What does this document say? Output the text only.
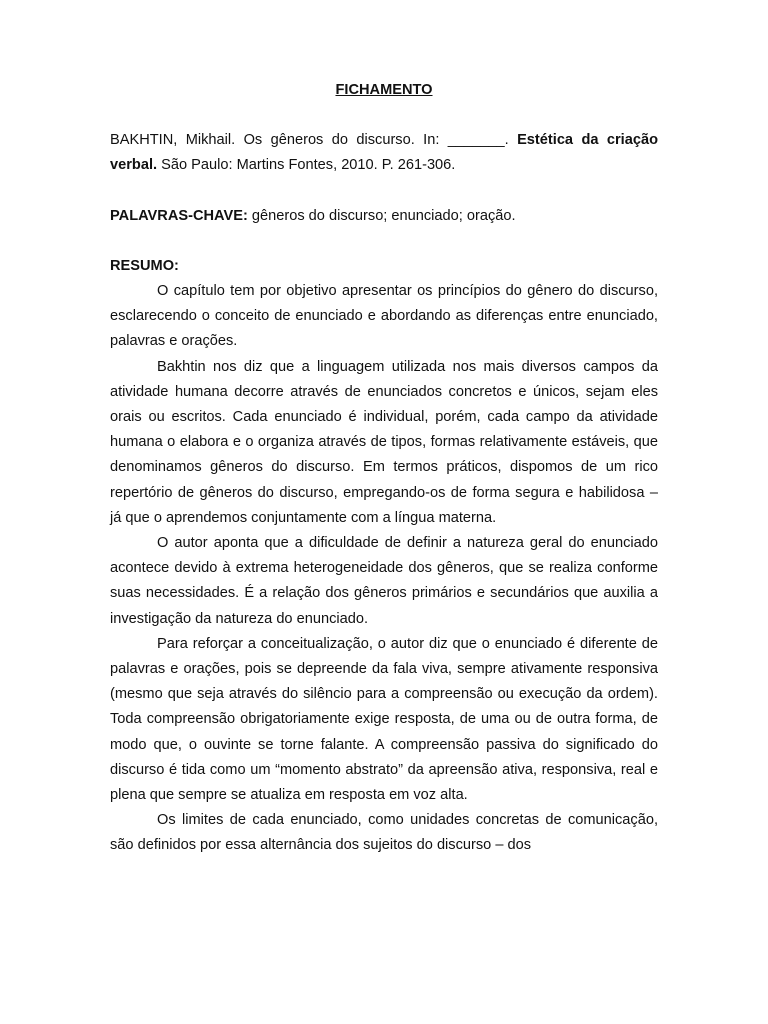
FICHAMENTO

BAKHTIN, Mikhail. Os gêneros do discurso. In: _______. Estética da criação verbal. São Paulo: Martins Fontes, 2010. P. 261-306.

PALAVRAS-CHAVE: gêneros do discurso; enunciado; oração.

RESUMO:

O capítulo tem por objetivo apresentar os princípios do gênero do discurso, esclarecendo o conceito de enunciado e abordando as diferenças entre enunciado, palavras e orações.

Bakhtin nos diz que a linguagem utilizada nos mais diversos campos da atividade humana decorre através de enunciados concretos e únicos, sejam eles orais ou escritos. Cada enunciado é individual, porém, cada campo da atividade humana o elabora e o organiza através de tipos, formas relativamente estáveis, que denominamos gêneros do discurso. Em termos práticos, dispomos de um rico repertório de gêneros do discurso, empregando-os de forma segura e habilidosa – já que o aprendemos conjuntamente com a língua materna.

O autor aponta que a dificuldade de definir a natureza geral do enunciado acontece devido à extrema heterogeneidade dos gêneros, que se realiza conforme suas necessidades. É a relação dos gêneros primários e secundários que auxilia a investigação da natureza do enunciado.

Para reforçar a conceitualização, o autor diz que o enunciado é diferente de palavras e orações, pois se depreende da fala viva, sempre ativamente responsiva (mesmo que seja através do silêncio para a compreensão ou execução da ordem). Toda compreensão obrigatoriamente exige resposta, de uma ou de outra forma, de modo que, o ouvinte se torne falante. A compreensão passiva do significado do discurso é tida como um “momento abstrato” da apreensão ativa, responsiva, real e plena que sempre se atualiza em resposta em voz alta.

Os limites de cada enunciado, como unidades concretas de comunicação, são definidos por essa alternância dos sujeitos do discurso – dos
